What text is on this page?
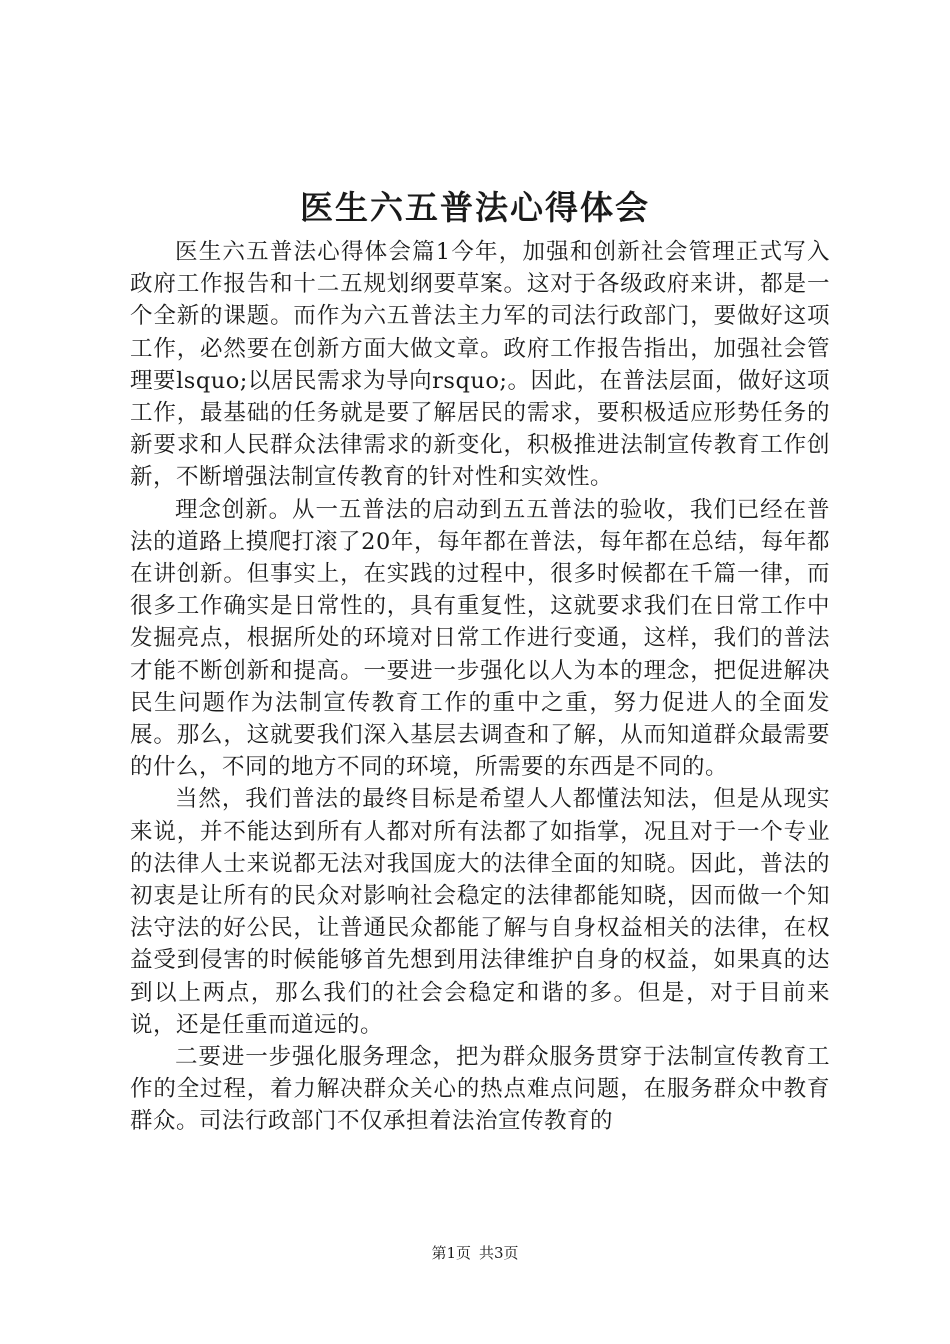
医生六五普法心得体会

医生六五普法心得体会篇1今年，加强和创新社会管理正式写入政府工作报告和十二五规划纲要草案。这对于各级政府来讲，都是一个全新的课题。而作为六五普法主力军的司法行政部门，要做好这项工作，必然要在创新方面大做文章。政府工作报告指出，加强社会管理要lsquo;以居民需求为导向rsquo;。因此，在普法层面，做好这项工作，最基础的任务就是要了解居民的需求，要积极适应形势任务的新要求和人民群众法律需求的新变化，积极推进法制宣传教育工作创新，不断增强法制宣传教育的针对性和实效性。

理念创新。从一五普法的启动到五五普法的验收，我们已经在普法的道路上摸爬打滚了20年，每年都在普法，每年都在总结，每年都在讲创新。但事实上，在实践的过程中，很多时候都在千篇一律，而很多工作确实是日常性的，具有重复性，这就要求我们在日常工作中发掘亮点，根据所处的环境对日常工作进行变通，这样，我们的普法才能不断创新和提高。一要进一步强化以人为本的理念，把促进解决民生问题作为法制宣传教育工作的重中之重，努力促进人的全面发展。那么，这就要我们深入基层去调查和了解，从而知道群众最需要的什么，不同的地方不同的环境，所需要的东西是不同的。

当然，我们普法的最终目标是希望人人都懂法知法，但是从现实来说，并不能达到所有人都对所有法都了如指掌，况且对于一个专业的法律人士来说都无法对我国庞大的法律全面的知晓。因此，普法的初衷是让所有的民众对影响社会稳定的法律都能知晓，因而做一个知法守法的好公民，让普通民众都能了解与自身权益相关的法律，在权益受到侵害的时候能够首先想到用法律维护自身的权益，如果真的达到以上两点，那么我们的社会会稳定和谐的多。但是，对于目前来说，还是任重而道远的。

二要进一步强化服务理念，把为群众服务贯穿于法制宣传教育工作的全过程，着力解决群众关心的热点难点问题，在服务群众中教育群众。司法行政部门不仅承担着法治宣传教育的

第1页 共3页
